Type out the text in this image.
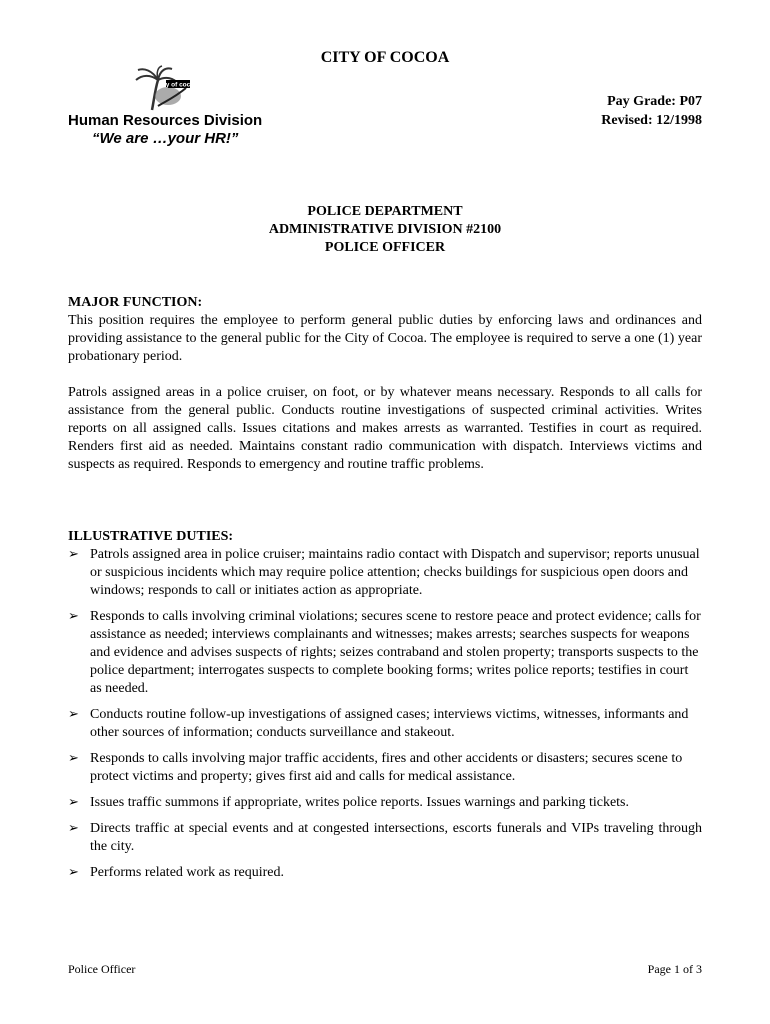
CITY OF COCOA
city of cocoa
Human Resources Division
“We are …your HR!”
Pay Grade: P07
Revised: 12/1998
POLICE DEPARTMENT
ADMINISTRATIVE DIVISION #2100
POLICE OFFICER
MAJOR FUNCTION:
This position requires the employee to perform general public duties by enforcing laws and ordinances and providing assistance to the general public for the City of Cocoa. The employee is required to serve a one (1) year probationary period.
Patrols assigned areas in a police cruiser, on foot, or by whatever means necessary. Responds to all calls for assistance from the general public. Conducts routine investigations of suspected criminal activities. Writes reports on all assigned calls. Issues citations and makes arrests as warranted. Testifies in court as required. Renders first aid as needed. Maintains constant radio communication with dispatch. Interviews victims and suspects as required. Responds to emergency and routine traffic problems.
ILLUSTRATIVE DUTIES:
➢ Patrols assigned area in police cruiser; maintains radio contact with Dispatch and supervisor; reports unusual or suspicious incidents which may require police attention; checks buildings for suspicious open doors and windows; responds to call or initiates action as appropriate.
➢ Responds to calls involving criminal violations; secures scene to restore peace and protect evidence; calls for assistance as needed; interviews complainants and witnesses; makes arrests; searches suspects for weapons and evidence and advises suspects of rights; seizes contraband and stolen property; transports suspects to the police department; interrogates suspects to complete booking forms; writes police reports; testifies in court as needed.
➢ Conducts routine follow-up investigations of assigned cases; interviews victims, witnesses, informants and other sources of information; conducts surveillance and stakeout.
➢ Responds to calls involving major traffic accidents, fires and other accidents or disasters; secures scene to protect victims and property; gives first aid and calls for medical assistance.
➢ Issues traffic summons if appropriate, writes police reports. Issues warnings and parking tickets.
➢ Directs traffic at special events and at congested intersections, escorts funerals and VIPs traveling through the city.
➢ Performs related work as required.
Police Officer	Page 1 of 3
